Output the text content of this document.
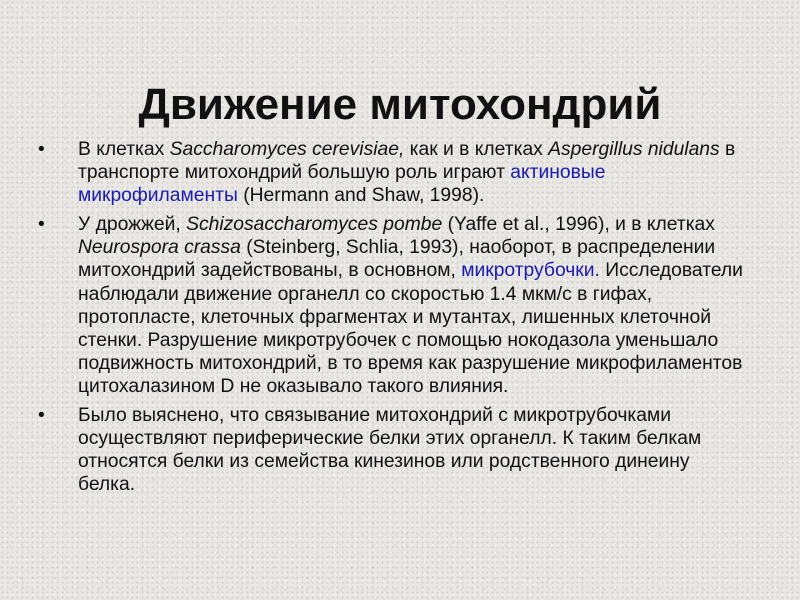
Движение митохондрий
• В клетках Saccharomyces cerevisiae, как и в клетках Aspergillus nidulans в транспорте митохондрий большую роль играют актиновые микрофиламенты (Hermann and Shaw, 1998).
• У дрожжей, Schizosaccharomyces pombe (Yaffe et al., 1996), и в клетках Neurospora crassa (Steinberg, Schlia, 1993), наоборот, в распределении митохондрий задействованы, в основном, микротрубочки. Исследователи наблюдали движение органелл со скоростью 1.4 мкм/с в гифах, протопласте, клеточных фрагментах и мутантах, лишенных клеточной стенки. Разрушение микротрубочек с помощью нокодазола уменьшало подвижность митохондрий, в то время как разрушение микрофиламентов цитохалазином D не оказывало такого влияния.
• Было выяснено, что связывание митохондрий с микротрубочками осуществляют периферические белки этих органелл. К таким белкам относятся белки из семейства кинезинов или родственного динеину белка.
